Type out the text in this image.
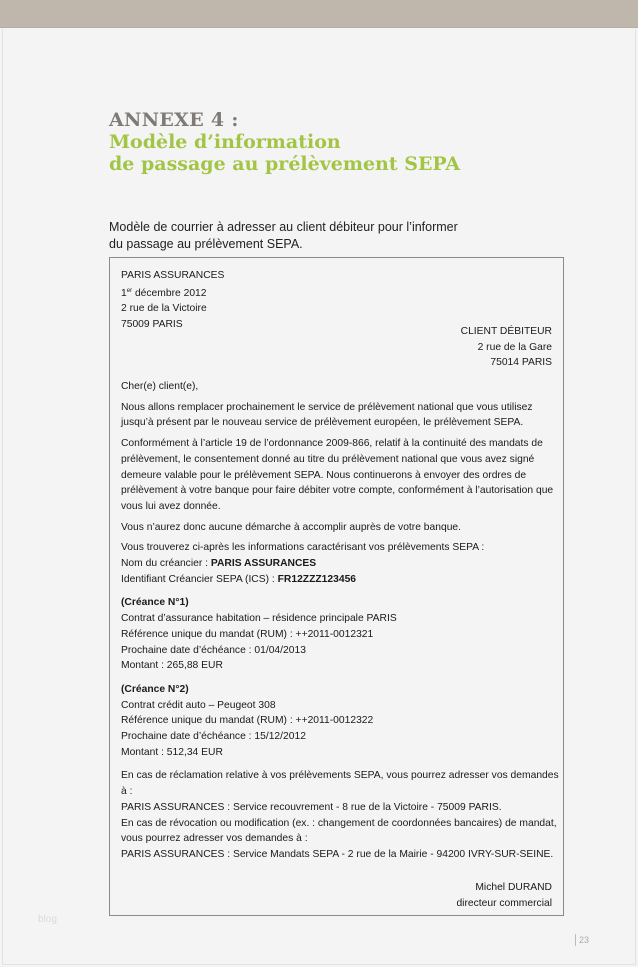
ANNEXE 4 :
Modèle d’information
de passage au prélèvement SEPA
Modèle de courrier à adresser au client débiteur pour l’informer
du passage au prélèvement SEPA.
PARIS ASSURANCES
1er décembre 2012
2 rue de la Victoire
75009 PARIS
CLIENT DÉBITEUR
2 rue de la Gare
75014 PARIS

Cher(e) client(e),

Nous allons remplacer prochainement le service de prélèvement national que vous utilisez jusqu’à présent par le nouveau service de prélèvement européen, le prélèvement SEPA.

Conformément à l’article 19 de l’ordonnance 2009-866, relatif à la continuité des mandats de prélèvement, le consentement donné au titre du prélèvement national que vous avez signé demeure valable pour le prélèvement SEPA. Nous continuerons à envoyer des ordres de prélèvement à votre banque pour faire débiter votre compte, conformément à l’autorisation que vous lui avez donnée.

Vous n’aurez donc aucune démarche à accomplir auprès de votre banque.

Vous trouverez ci-après les informations caractérisant vos prélèvements SEPA :
Nom du créancier : PARIS ASSURANCES
Identifiant Créancier SEPA (ICS) : FR12ZZZ123456
(Créance N°1)
Contrat d’assurance habitation – résidence principale PARIS
Référence unique du mandat (RUM) : ++2011-0012321
Prochaine date d’échéance : 01/04/2013
Montant : 265,88 EUR
(Créance N°2)
Contrat crédit auto – Peugeot 308
Référence unique du mandat (RUM) : ++2011-0012322
Prochaine date d’échéance : 15/12/2012
Montant : 512,34 EUR
En cas de réclamation relative à vos prélèvements SEPA, vous pourrez adresser vos demandes à :
PARIS ASSURANCES : Service recouvrement - 8 rue de la Victoire - 75009 PARIS.
En cas de révocation ou modification (ex. : changement de coordonnées bancaires) de mandat,
vous pourrez adresser vos demandes à :
PARIS ASSURANCES : Service Mandats SEPA - 2 rue de la Mairie - 94200 IVRY-SUR-SEINE.
Michel DURAND
directeur commercial
blog
23
